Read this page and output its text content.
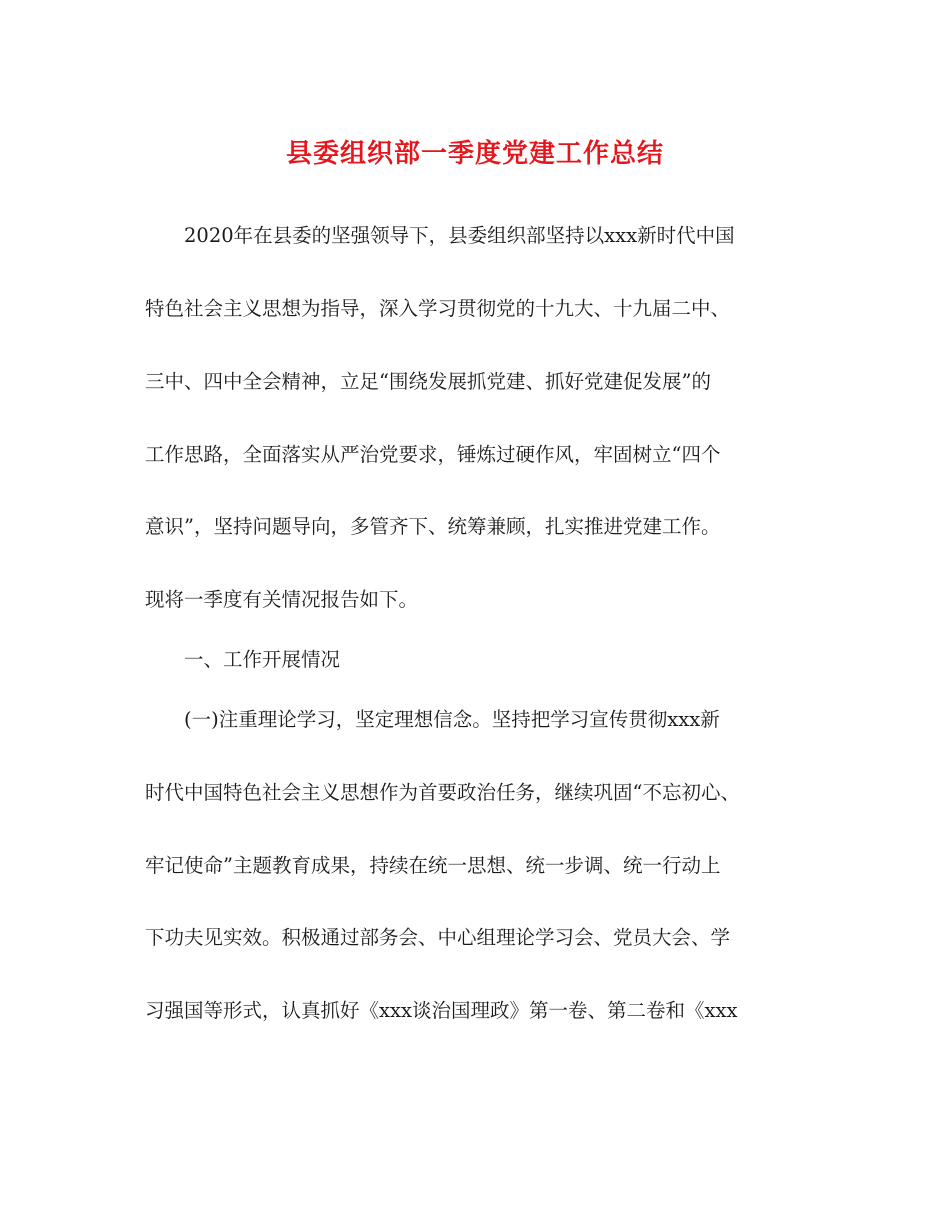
县委组织部一季度党建工作总结
　　2020年在县委的坚强领导下，县委组织部坚持以xxx新时代中国
特色社会主义思想为指导，深入学习贯彻党的十九大、十九届二中、
三中、四中全会精神，立足“围绕发展抓党建、抓好党建促发展”的
工作思路，全面落实从严治党要求，锤炼过硬作风，牢固树立“四个
意识”，坚持问题导向，多管齐下、统筹兼顾，扎实推进党建工作。
现将一季度有关情况报告如下。
　　一、工作开展情况
　　(一)注重理论学习，坚定理想信念。坚持把学习宣传贯彻xxx新
时代中国特色社会主义思想作为首要政治任务，继续巩固“不忘初心、
牢记使命”主题教育成果，持续在统一思想、统一步调、统一行动上
下功夫见实效。积极通过部务会、中心组理论学习会、党员大会、学
习强国等形式，认真抓好《xxx谈治国理政》第一卷、第二卷和《xxx
